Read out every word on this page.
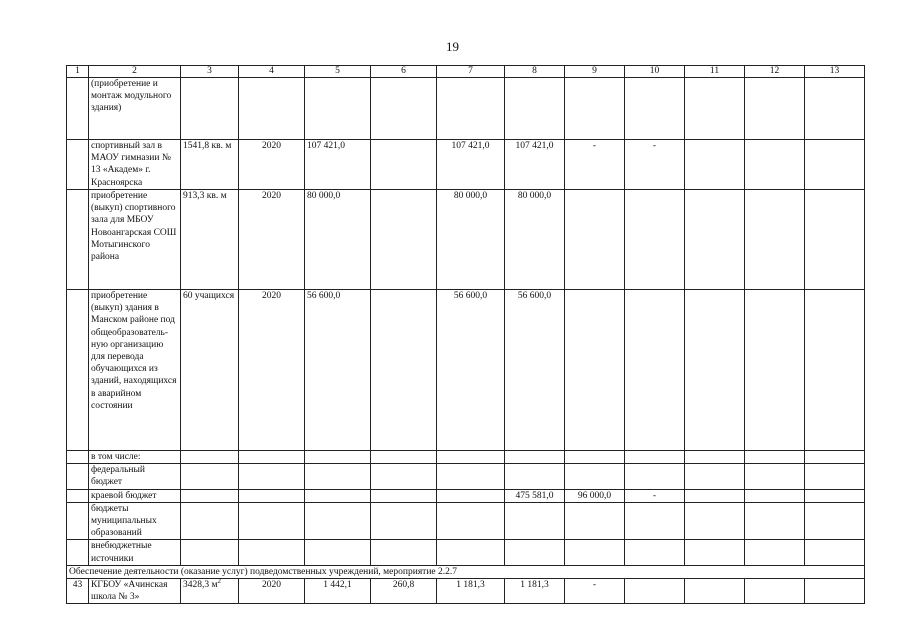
19
1	2	3	4	5	6	7	8	9	10	11	12	13
	(приобретение и монтаж модульного здания)											
	спортивный зал в МАОУ гимназии № 13 «Академ» г. Красноярска	1541,8 кв. м	2020	107 421,0		107 421,0	107 421,0	-	-			
	приобретение (выкуп) спортивного зала для МБОУ Новоангарская СОШ Мотыгинского района	913,3 кв. м	2020	80 000,0		80 000,0	80 000,0					
	приобретение (выкуп) здания в Манском районе под общеобразователь-ную организацию для перевода обучающихся из зданий, находящихся в аварийном состоянии	60 учащихся	2020	56 600,0		56 600,0	56 600,0					
	в том числе:											
	федеральный бюджет											
	краевой бюджет						475 581,0	96 000,0	-			
	бюджеты муниципальных образований											
	внебюджетные источники											
Обеспечение деятельности (оказание услуг) подведомственных учреждений, мероприятие 2.2.7												
43	КГБОУ «Ачинская школа № 3»	3428,3 $м^2$	2020	1 442,1	260,8	1 181,3	1 181,3	-				
